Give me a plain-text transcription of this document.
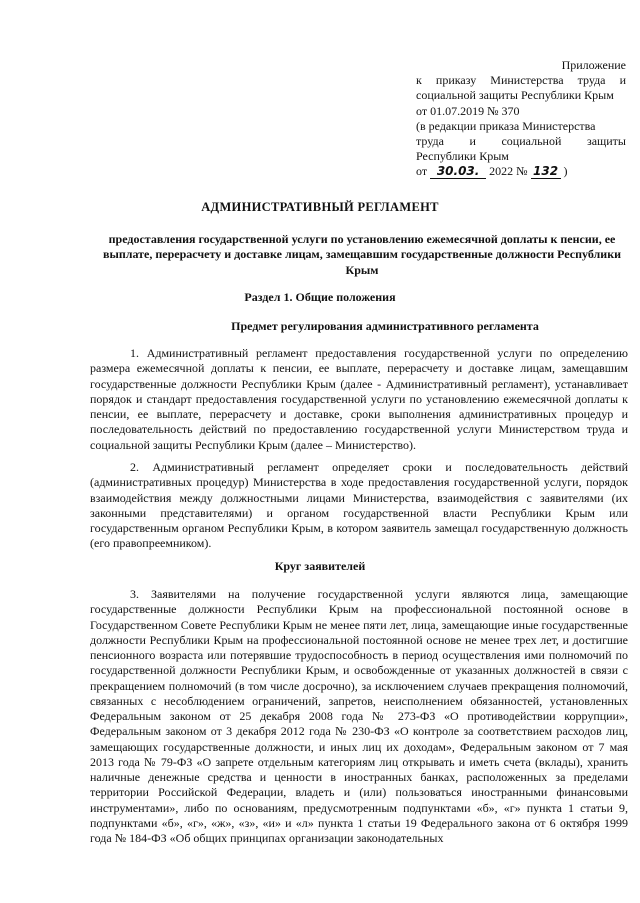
Приложение
к приказу Министерства труда и
социальной защиты Республики Крым
от 01.07.2019 № 370
(в редакции приказа Министерства
труда и социальной защиты
Республики Крым
от 30.03. 2022 № 132 )
АДМИНИСТРАТИВНЫЙ РЕГЛАМЕНТ
предоставления государственной услуги по установлению ежемесячной доплаты к пенсии, ее выплате, перерасчету и доставке лицам, замещавшим государственные должности Республики Крым
Раздел 1. Общие положения
Предмет регулирования административного регламента
1. Административный регламент предоставления государственной услуги по определению размера ежемесячной доплаты к пенсии, ее выплате, перерасчету и доставке лицам, замещавшим государственные должности Республики Крым (далее - Административный регламент), устанавливает порядок и стандарт предоставления государственной услуги по установлению ежемесячной доплаты к пенсии, ее выплате, перерасчету и доставке, сроки выполнения административных процедур и последовательность действий по предоставлению государственной услуги Министерством труда и социальной защиты Республики Крым (далее – Министерство).
2. Административный регламент определяет сроки и последовательность действий (административных процедур) Министерства в ходе предоставления государственной услуги, порядок взаимодействия между должностными лицами Министерства, взаимодействия с заявителями (их законными представителями) и органом государственной власти Республики Крым или государственным органом Республики Крым, в котором заявитель замещал государственную должность (его правопреемником).
Круг заявителей
3. Заявителями на получение государственной услуги являются лица, замещающие государственные должности Республики Крым на профессиональной постоянной основе в Государственном Совете Республики Крым не менее пяти лет, лица, замещающие иные государственные должности Республики Крым на профессиональной постоянной основе не менее трех лет, и достигшие пенсионного возраста или потерявшие трудоспособность в период осуществления ими полномочий по государственной должности Республики Крым, и освобожденные от указанных должностей в связи с прекращением полномочий (в том числе досрочно), за исключением случаев прекращения полномочий, связанных с несоблюдением ограничений, запретов, неисполнением обязанностей, установленных Федеральным законом от 25 декабря 2008 года № 273-ФЗ «О противодействии коррупции», Федеральным законом от 3 декабря 2012 года № 230-ФЗ «О контроле за соответствием расходов лиц, замещающих государственные должности, и иных лиц их доходам», Федеральным законом от 7 мая 2013 года № 79-ФЗ «О запрете отдельным категориям лиц открывать и иметь счета (вклады), хранить наличные денежные средства и ценности в иностранных банках, расположенных за пределами территории Российской Федерации, владеть и (или) пользоваться иностранными финансовыми инструментами», либо по основаниям, предусмотренным подпунктами «б», «г» пункта 1 статьи 9, подпунктами «б», «г», «ж», «з», «и» и «л» пункта 1 статьи 19 Федерального закона от 6 октября 1999 года № 184-ФЗ «Об общих принципах организации законодательных
